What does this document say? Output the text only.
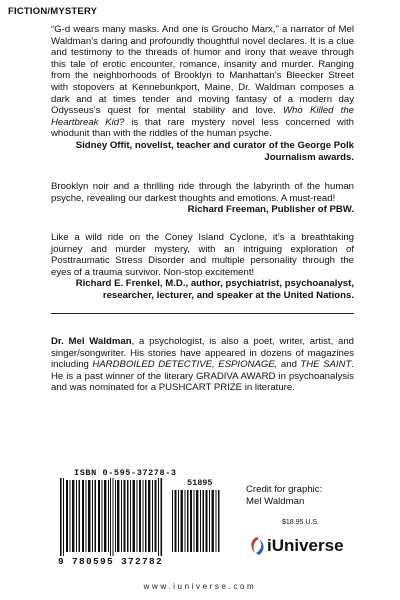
FICTION/MYSTERY

“G-d wears many masks. And one is Groucho Marx,” a narrator of Mel Waldman’s daring and profoundly thoughtful novel declares. It is a clue and testimony to the threads of humor and irony that weave through this tale of erotic encounter, romance, insanity and murder. Ranging from the neighborhoods of Brooklyn to Manhattan’s Bleecker Street with stopovers at Kennebunkport, Maine, Dr. Waldman composes a dark and at times tender and moving fantasy of a modern day Odysseus’s quest for mental stability and love. Who Killed the Heartbreak Kid? is that rare mystery novel less concerned with whodunit than with the riddles of the human psyche.

Sidney Offit, novelist, teacher and curator of the George Polk Journalism awards.

Brooklyn noir and a thrilling ride through the labyrinth of the human psyche, revealing our darkest thoughts and emotions. A must-read!

Richard Freeman, Publisher of PBW.

Like a wild ride on the Coney Island Cyclone, it’s a breathtaking journey and murder mystery, with an intriguing exploration of Posttraumatic Stress Disorder and multiple personality through the eyes of a trauma survivor. Non-stop excitement!

Richard E. Frenkel, M.D., author, psychiatrist, psychoanalyst, researcher, lecturer, and speaker at the United Nations.

Dr. Mel Waldman, a psychologist, is also a poet, writer, artist, and singer/songwriter. His stories have appeared in dozens of magazines including HARDBOILED DETECTIVE, ESPIONAGE, and THE SAINT. He is a past winner of the literary GRADIVA AWARD in psychoanalysis and was nominated for a PUSHCART PRIZE in literature.

ISBN 0-595-37278-3
51895
9 780595 372782
Credit for graphic:
Mel Waldman
$18.95 U.S.
iUniverse
www.iuniverse.com
